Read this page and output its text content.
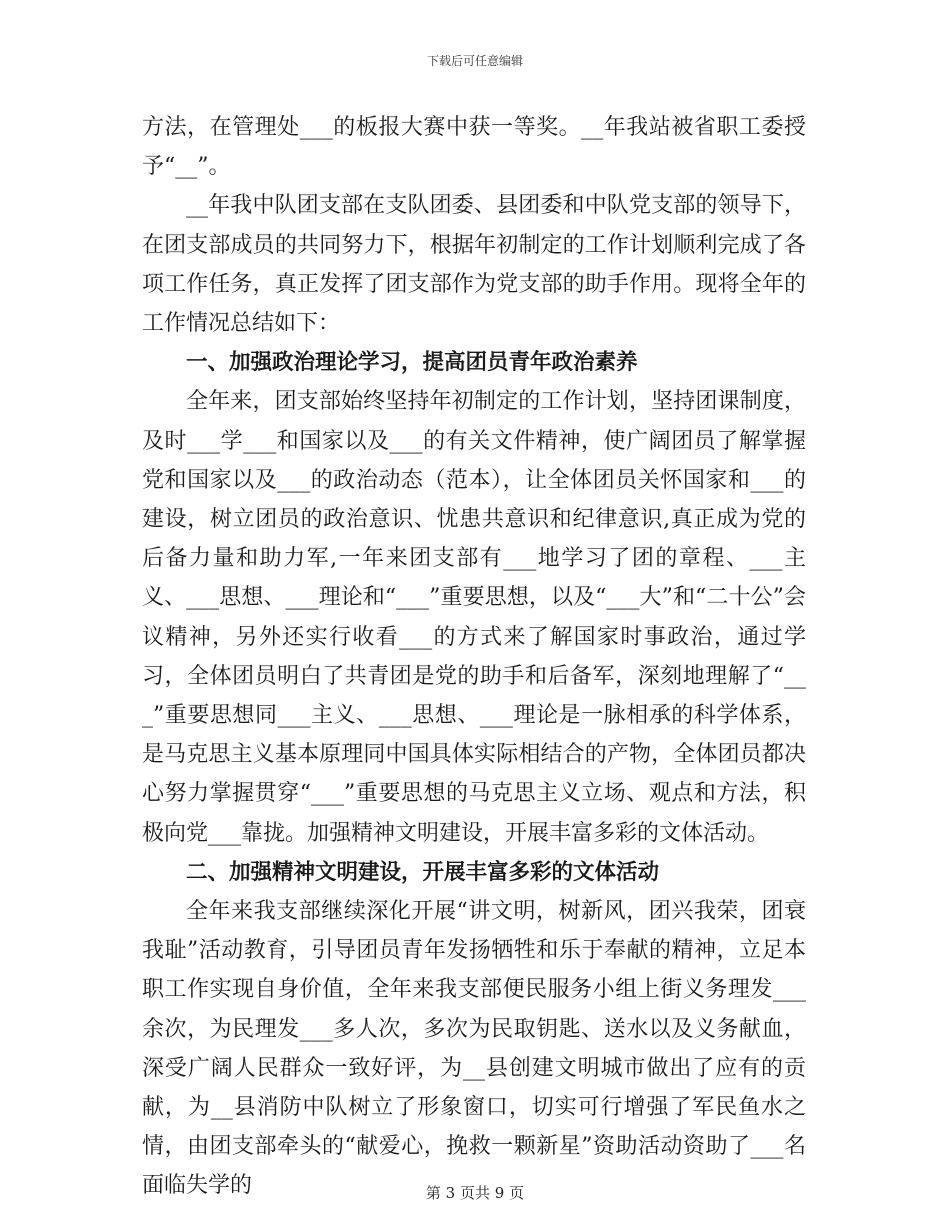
下载后可任意编辑

方法，在管理处___的板报大赛中获一等奖。__年我站被省职工委授予“__”。

__年我中队团支部在支队团委、县团委和中队党支部的领导下，在团支部成员的共同努力下，根据年初制定的工作计划顺利完成了各项工作任务，真正发挥了团支部作为党支部的助手作用。现将全年的工作情况总结如下：

一、加强政治理论学习，提高团员青年政治素养

全年来，团支部始终坚持年初制定的工作计划，坚持团课制度，及时___学___和国家以及___的有关文件精神，使广阔团员了解掌握党和国家以及___的政治动态（范本），让全体团员关怀国家和___的建设，树立团员的政治意识、忧患共意识和纪律意识,真正成为党的后备力量和助力军,一年来团支部有___地学习了团的章程、___主义、___思想、___理论和“___”重要思想，以及“___大”和“二十公”会议精神，另外还实行收看___的方式来了解国家时事政治，通过学习，全体团员明白了共青团是党的助手和后备军，深刻地理解了“___”重要思想同___主义、___思想、___理论是一脉相承的科学体系，是马克思主义基本原理同中国具体实际相结合的产物，全体团员都决心努力掌握贯穿“___”重要思想的马克思主义立场、观点和方法，积极向党___靠拢。加强精神文明建设，开展丰富多彩的文体活动。

二、加强精神文明建设，开展丰富多彩的文体活动

全年来我支部继续深化开展“讲文明，树新风，团兴我荣，团衰我耻”活动教育，引导团员青年发扬牺牲和乐于奉献的精神，立足本职工作实现自身价值，全年来我支部便民服务小组上街义务理发___余次，为民理发___多人次，多次为民取钥匙、送水以及义务献血，深受广阔人民群众一致好评，为__县创建文明城市做出了应有的贡献，为__县消防中队树立了形象窗口，切实可行增强了军民鱼水之情，由团支部牵头的“献爱心，挽救一颗新星”资助活动资助了___名面临失学的	第 3 页共 9 页
